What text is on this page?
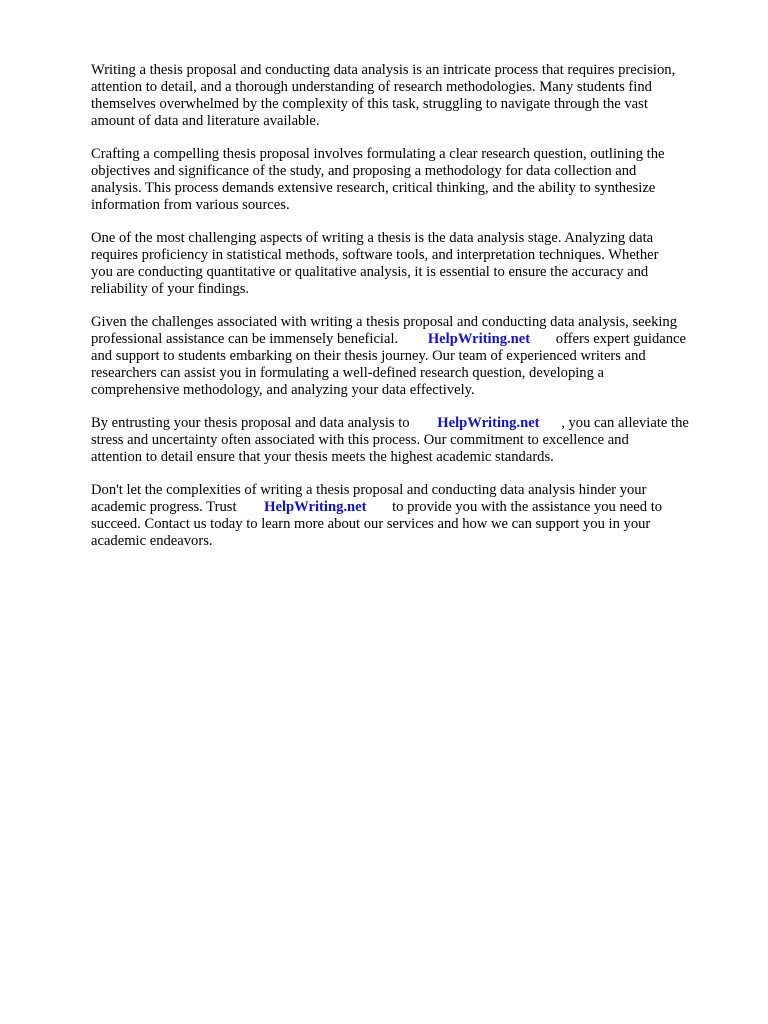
Writing a thesis proposal and conducting data analysis is an intricate process that requires precision,
attention to detail, and a thorough understanding of research methodologies. Many students find
themselves overwhelmed by the complexity of this task, struggling to navigate through the vast
amount of data and literature available.

Crafting a compelling thesis proposal involves formulating a clear research question, outlining the
objectives and significance of the study, and proposing a methodology for data collection and
analysis. This process demands extensive research, critical thinking, and the ability to synthesize
information from various sources.

One of the most challenging aspects of writing a thesis is the data analysis stage. Analyzing data
requires proficiency in statistical methods, software tools, and interpretation techniques. Whether
you are conducting quantitative or qualitative analysis, it is essential to ensure the accuracy and
reliability of your findings.

Given the challenges associated with writing a thesis proposal and conducting data analysis, seeking
professional assistance can be immensely beneficial. HelpWriting.net offers expert guidance
and support to students embarking on their thesis journey. Our team of experienced writers and
researchers can assist you in formulating a well-defined research question, developing a
comprehensive methodology, and analyzing your data effectively.

By entrusting your thesis proposal and data analysis to HelpWriting.net , you can alleviate the
stress and uncertainty often associated with this process. Our commitment to excellence and
attention to detail ensure that your thesis meets the highest academic standards.

Don't let the complexities of writing a thesis proposal and conducting data analysis hinder your
academic progress. Trust HelpWriting.net to provide you with the assistance you need to
succeed. Contact us today to learn more about our services and how we can support you in your
academic endeavors.
